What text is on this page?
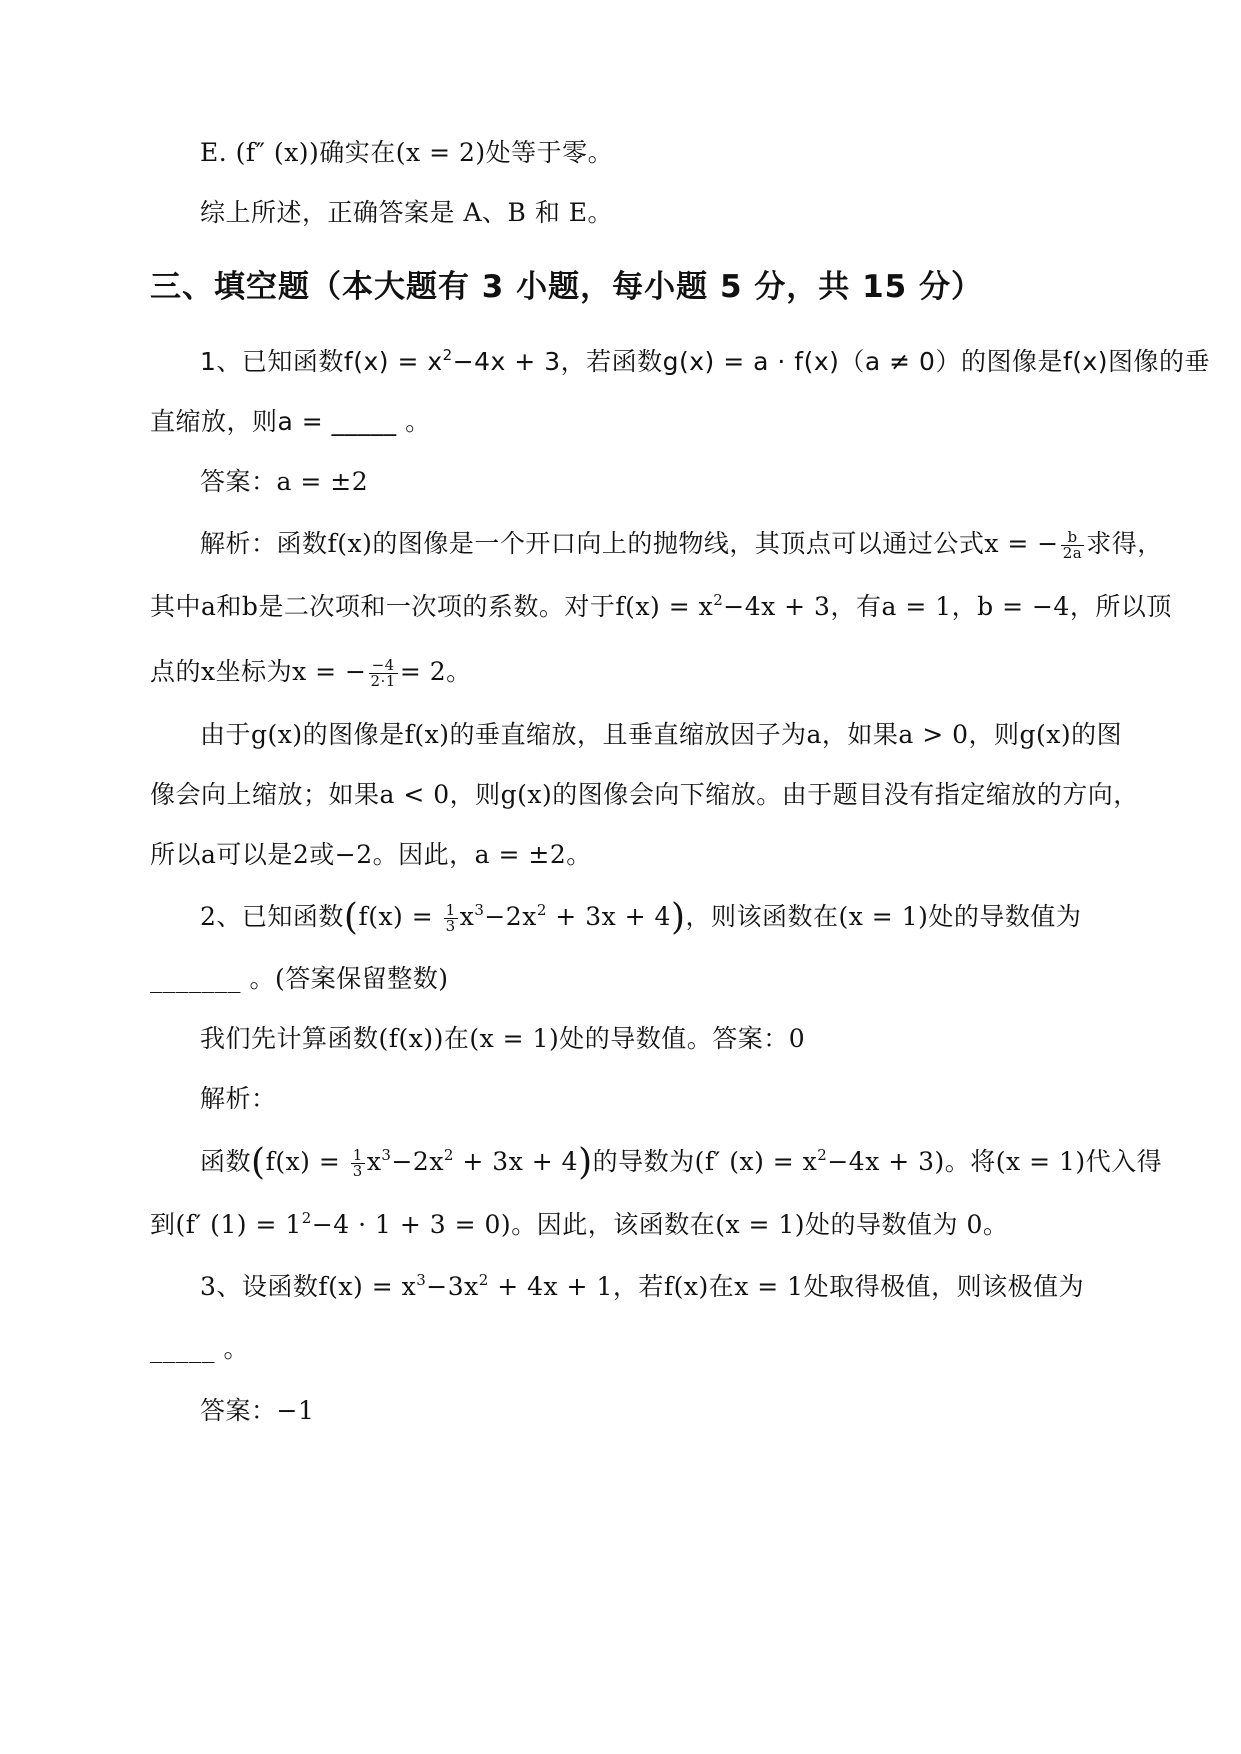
E. (f″ (x))确实在(x = 2)处等于零。
综上所述，正确答案是 A、B 和 E。
三、填空题（本大题有 3 小题，每小题 5 分，共 15 分）
1、已知函数$f(x) = x^2-4x + 3$，若函数g(x) = a · f(x)（a ≠ 0）的图像是f(x)图像的垂
直缩放，则a = _____ 。
答案：a = ±2
解析：函数f(x)的图像是一个开口向上的抛物线，其顶点可以通过公式x = − $\frac{b}{2a}$ 求得，
其中a和b是二次项和一次项的系数。对于$f(x) = x^2-4x + 3$，有a = 1，b = −4，所以顶
点的x坐标为x = − $\frac{-4}{2\cdot 1} = 2$。
由于g(x)的图像是f(x)的垂直缩放，且垂直缩放因子为a，如果a > 0，则g(x)的图
像会向上缩放；如果a < 0，则g(x)的图像会向下缩放。由于题目没有指定缩放的方向，
所以a可以是2或−2。因此，a = ±2。
2、已知函数$(f(x) = \frac{1}{3} x^3-2x^2 + 3x + 4)$，则该函数在(x = 1)处的导数值为
_______ 。(答案保留整数)
我们先计算函数(f(x))在(x = 1)处的导数值。答案：0
解析：
函数$(f(x) = \frac{1}{3} x^3-2x^2 + 3x + 4)$的导数为(f′ $(x) = x^2-4x + 3$)。将(x = 1)代入得
到(f′ $(1) = 1^2-4 \cdot 1 + 3 = 0$)。因此，该函数在(x = 1)处的导数值为 0。
3、设函数$f(x) = x^3-3x^2 + 4x + 1$，若f(x)在x = 1处取得极值，则该极值为
_____ 。
答案：−1
